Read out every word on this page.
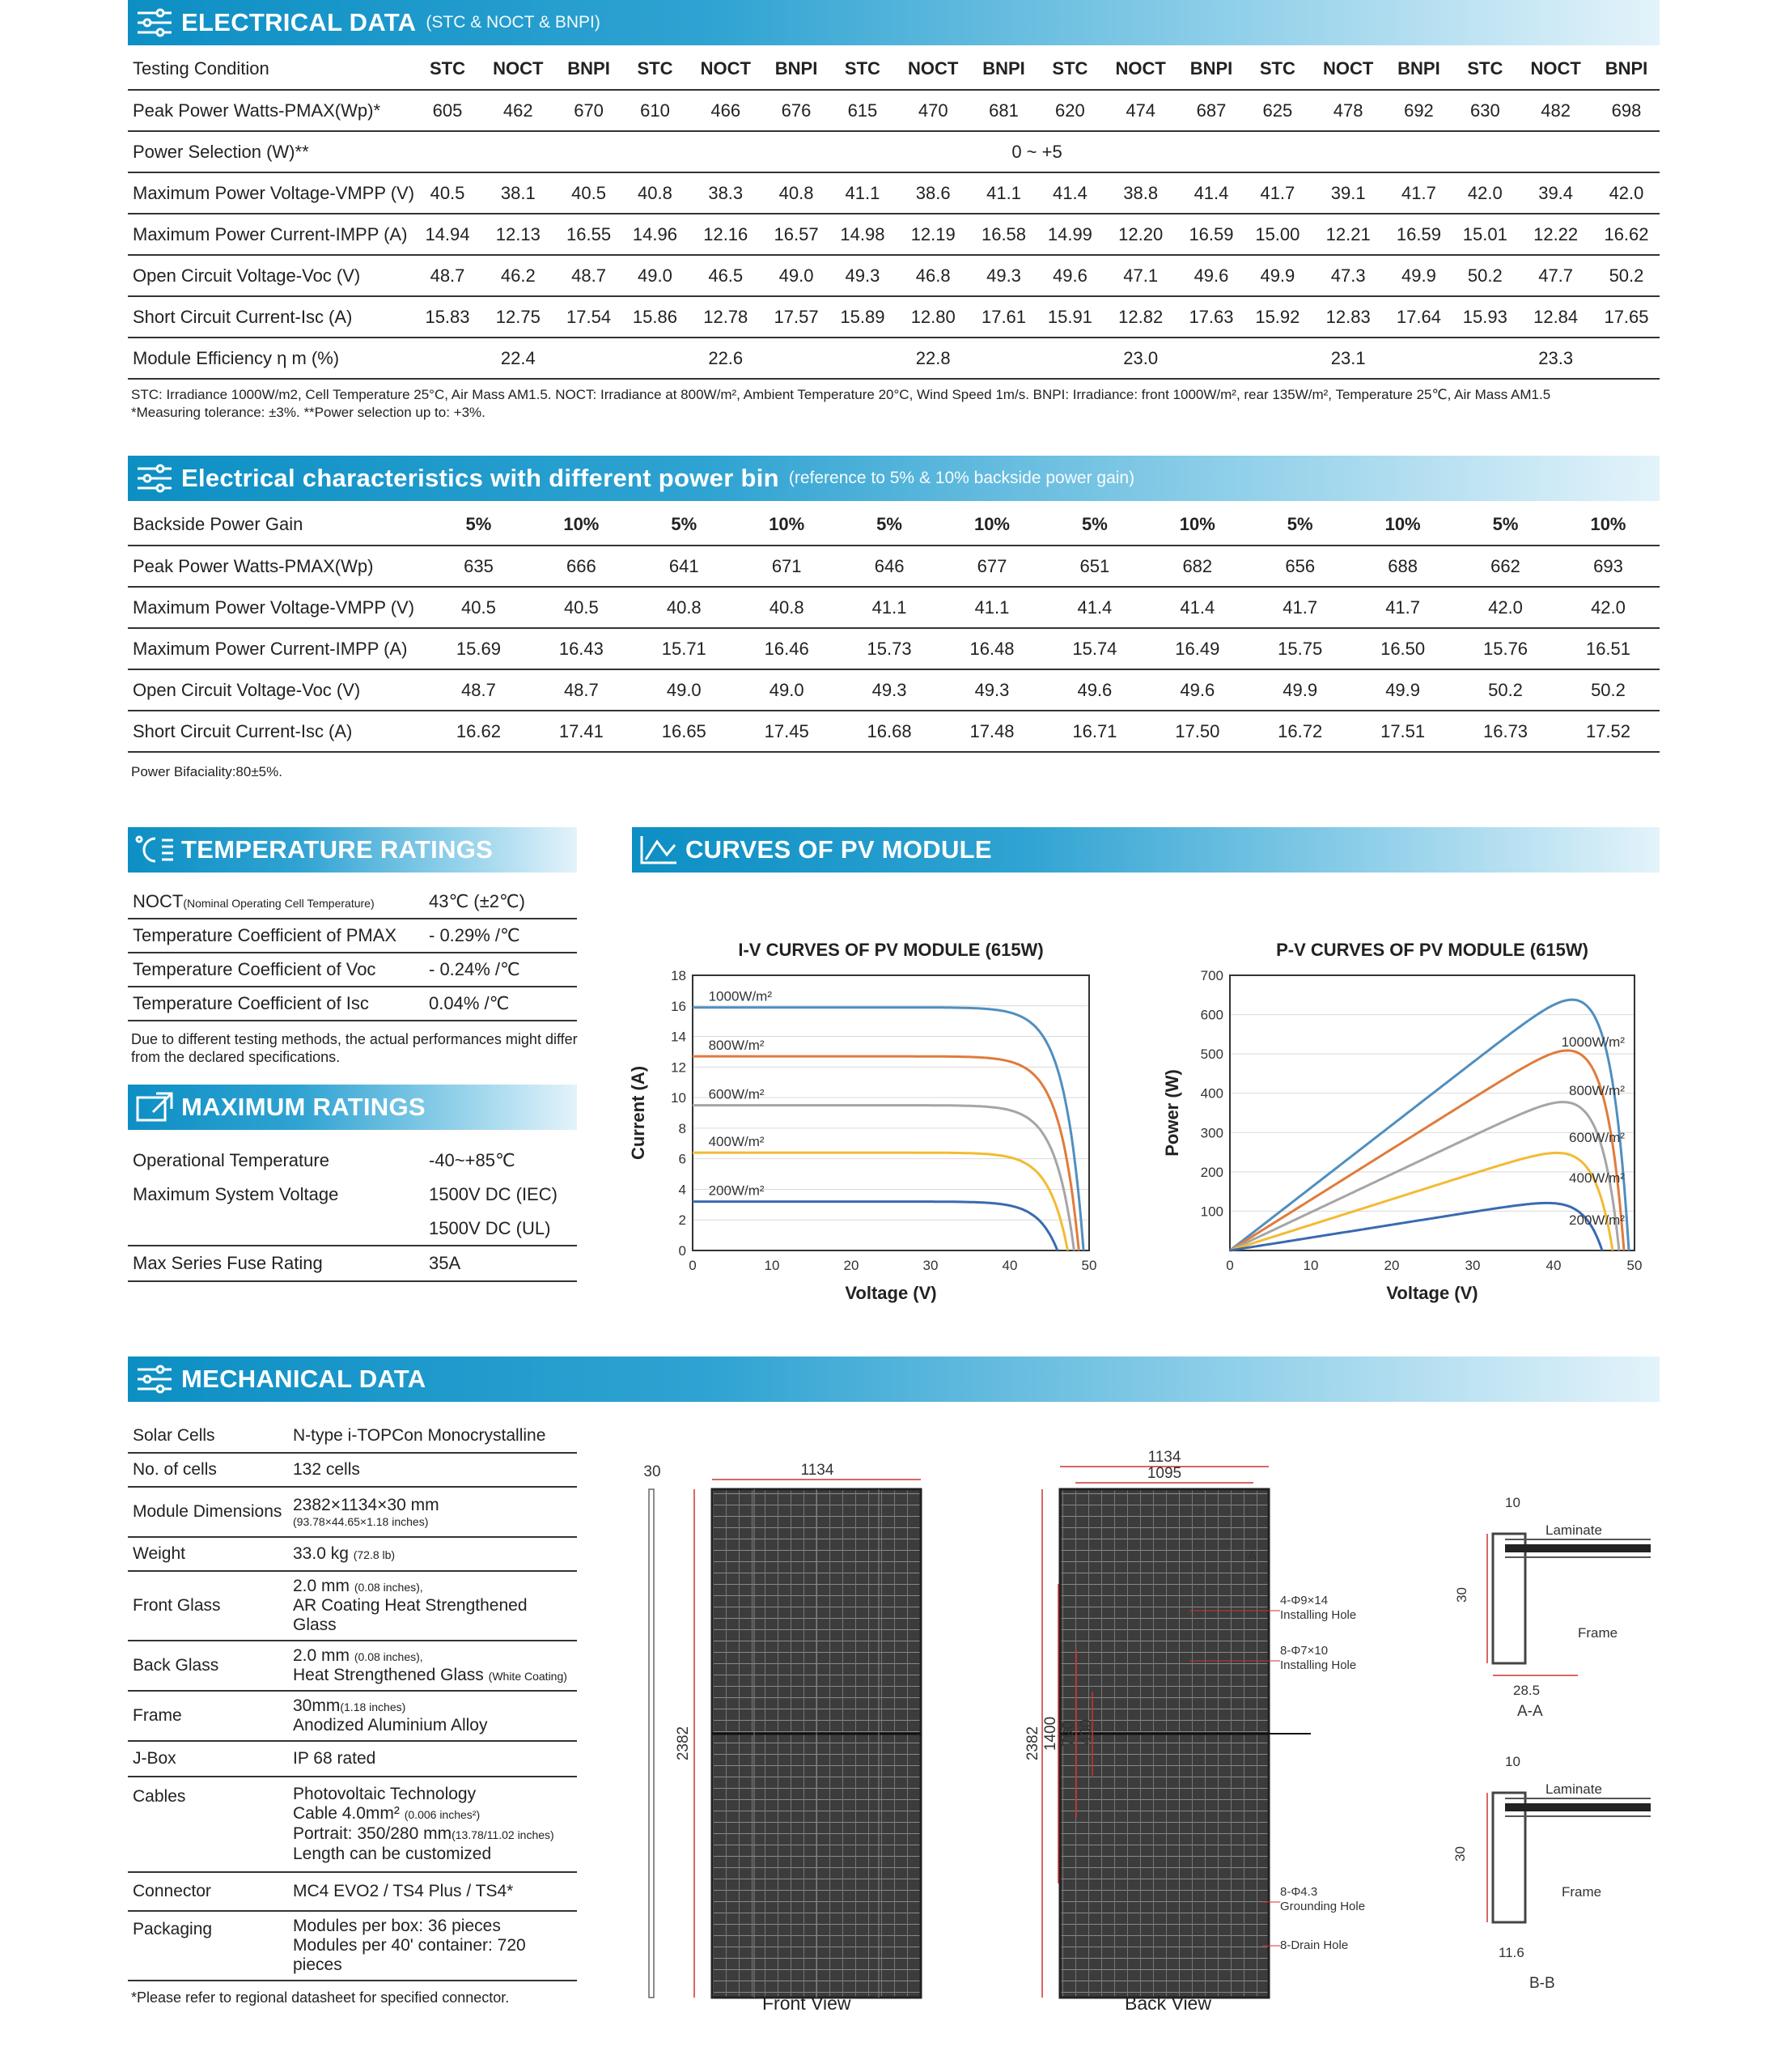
ELECTRICAL DATA (STC & NOCT & BNPI)
Testing Condition	STC	NOCT	BNPI	STC	NOCT	BNPI	STC	NOCT	BNPI	STC	NOCT	BNPI	STC	NOCT	BNPI	STC	NOCT	BNPI
Peak Power Watts-PMAX(Wp)*	605	462	670	610	466	676	615	470	681	620	474	687	625	478	692	630	482	698
Power Selection (W)**	0 ~ +5																	
Maximum Power Voltage-VMPP (V)	40.5	38.1	40.5	40.8	38.3	40.8	41.1	38.6	41.1	41.4	38.8	41.4	41.7	39.1	41.7	42.0	39.4	42.0
Maximum Power Current-IMPP (A)	14.94	12.13	16.55	14.96	12.16	16.57	14.98	12.19	16.58	14.99	12.20	16.59	15.00	12.21	16.59	15.01	12.22	16.62
Open Circuit Voltage-Voc (V)	48.7	46.2	48.7	49.0	46.5	49.0	49.3	46.8	49.3	49.6	47.1	49.6	49.9	47.3	49.9	50.2	47.7	50.2
Short Circuit Current-Isc (A)	15.83	12.75	17.54	15.86	12.78	17.57	15.89	12.80	17.61	15.91	12.82	17.63	15.92	12.83	17.64	15.93	12.84	17.65
Module Efficiency η m (%)	22.4			22.6			22.8			23.0			23.1			23.3		
STC: Irradiance 1000W/m2, Cell Temperature 25°C, Air Mass AM1.5. NOCT: Irradiance at 800W/m², Ambient Temperature 20°C, Wind Speed 1m/s. BNPI: Irradiance: front 1000W/m², rear 135W/m², Temperature 25℃, Air Mass AM1.5
*Measuring tolerance: ±3%. **Power selection up to: +3%.
Electrical characteristics with different power bin (reference to 5% & 10% backside power gain)
Backside Power Gain	5%	10%	5%	10%	5%	10%	5%	10%	5%	10%	5%	10%
Peak Power Watts-PMAX(Wp)	635	666	641	671	646	677	651	682	656	688	662	693
Maximum Power Voltage-VMPP (V)	40.5	40.5	40.8	40.8	41.1	41.1	41.4	41.4	41.7	41.7	42.0	42.0
Maximum Power Current-IMPP (A)	15.69	16.43	15.71	16.46	15.73	16.48	15.74	16.49	15.75	16.50	15.76	16.51
Open Circuit Voltage-Voc (V)	48.7	48.7	49.0	49.0	49.3	49.3	49.6	49.6	49.9	49.9	50.2	50.2
Short Circuit Current-Isc (A)	16.62	17.41	16.65	17.45	16.68	17.48	16.71	17.50	16.72	17.51	16.73	17.52
Power Bifaciality:80±5%.
TEMPERATURE RATINGS
NOCT(Nominal Operating Cell Temperature)	43℃ (±2℃)
Temperature Coefficient of PMAX	- 0.29% /℃
Temperature Coefficient of Voc	- 0.24% /℃
Temperature Coefficient of Isc	0.04% /℃
Due to different testing methods, the actual performances might differ from the declared specifications.
MAXIMUM RATINGS
Operational Temperature	-40~+85℃
Maximum System Voltage	1500V DC (IEC)
	1500V DC (UL)
Max Series Fuse Rating	35A
CURVES OF PV MODULE
I-V CURVES OF PV MODULE (615W)
0
2
4
6
8
10
12
14
16
18
0	10	20	30	40	50
Voltage (V)
Current (A)
1000W/m²
800W/m²
600W/m²
400W/m²
200W/m²
P-V CURVES OF PV MODULE (615W)
100
200
300
400
500
600
700
0	10	20	30	40	50
Voltage (V)
Power (W)
1000W/m²
800W/m²
600W/m²
400W/m²
200W/m²
MECHANICAL DATA
Solar Cells	N-type i-TOPCon Monocrystalline
No. of cells	132 cells
Module Dimensions	2382×1134×30 mm
(93.78×44.65×1.18 inches)

Weight	33.0 kg (72.8 lb)
Front Glass	2.0 mm (0.08 inches),
AR Coating Heat Strengthened Glass

Back Glass	2.0 mm (0.08 inches),
Heat Strengthened Glass (White Coating)

Frame	30mm(1.18 inches)
Anodized Aluminium Alloy

J-Box	IP 68 rated
Cables	Photovoltaic Technology
Cable 4.0mm² (0.006 inches²)
Portrait: 350/280 mm(13.78/11.02 inches)
Length can be customized

Connector	MC4 EVO2 / TS4 Plus / TS4*
Packaging	Modules per box: 36 pieces
Modules per 40' container: 720 pieces
*Please refer to regional datasheet for specified connector.
30	1134
2382
1134
1095
2382 1400 790 400
A
4-Φ9×14
Installing Hole
8-Φ7×10
Installing Hole
8-Φ4.3
Grounding Hole
8-Drain Hole
30
10
Laminate
Frame
28.5
A-A
30
10
Laminate
Frame
11.6
B-B
Front View	Back View
